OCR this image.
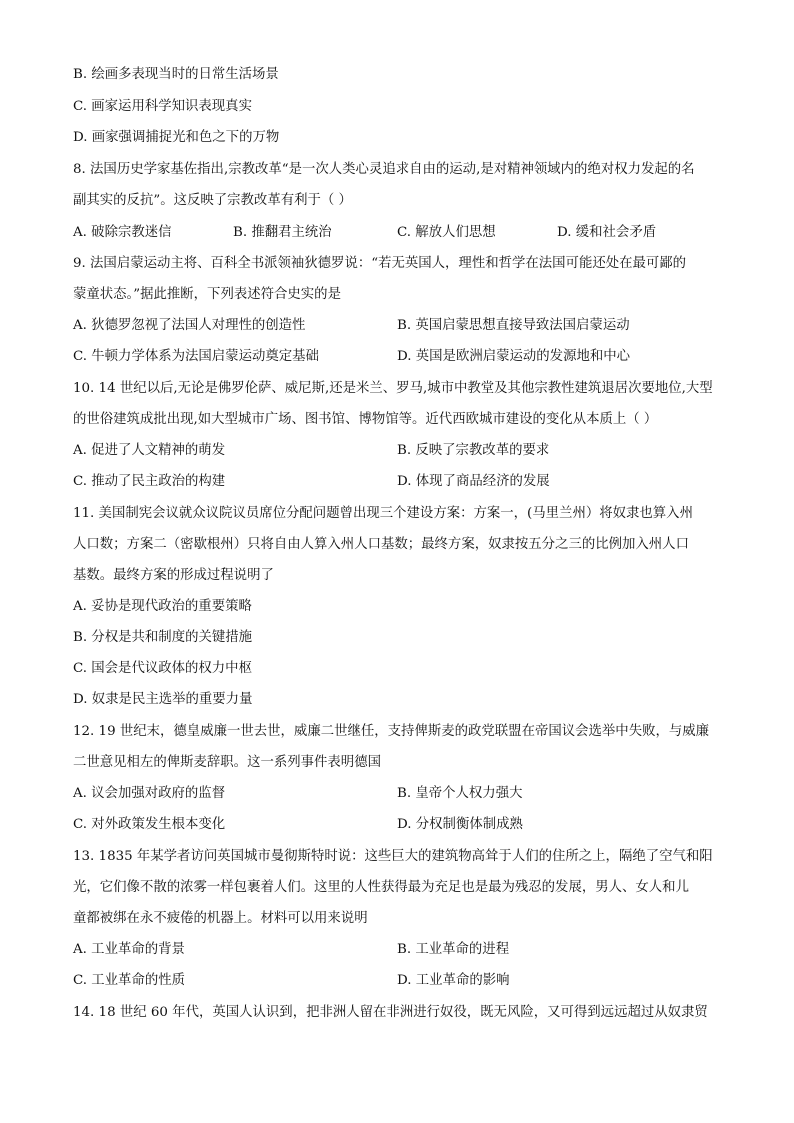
B. 绘画多表现当时的日常生活场景
C. 画家运用科学知识表现真实
D. 画家强调捕捉光和色之下的万物
8. 法国历史学家基佐指出,宗教改革“是一次人类心灵追求自由的运动,是对精神领域内的绝对权力发起的名
副其实的反抗”。这反映了宗教改革有利于（ ）
A. 破除宗教迷信	B. 推翻君主统治	C. 解放人们思想	D. 缓和社会矛盾
9. 法国启蒙运动主将、百科全书派领袖狄德罗说：“若无英国人，理性和哲学在法国可能还处在最可鄙的
蒙童状态。”据此推断，下列表述符合史实的是
A. 狄德罗忽视了法国人对理性的创造性	B. 英国启蒙思想直接导致法国启蒙运动
C. 牛顿力学体系为法国启蒙运动奠定基础	D. 英国是欧洲启蒙运动的发源地和中心
10. 14 世纪以后,无论是佛罗伦萨、威尼斯,还是米兰、罗马,城市中教堂及其他宗教性建筑退居次要地位,大型
的世俗建筑成批出现,如大型城市广场、图书馆、博物馆等。近代西欧城市建设的变化从本质上（ ）
A. 促进了人文精神的萌发	B. 反映了宗教改革的要求
C. 推动了民主政治的构建	D. 体现了商品经济的发展
11. 美国制宪会议就众议院议员席位分配问题曾出现三个建设方案：方案一，(马里兰州）将奴隶也算入州
人口数；方案二（密歇根州）只将自由人算入州人口基数；最终方案，奴隶按五分之三的比例加入州人口
基数。最终方案的形成过程说明了
A. 妥协是现代政治的重要策略
B. 分权是共和制度的关键措施
C. 国会是代议政体的权力中枢
D. 奴隶是民主选举的重要力量
12. 19 世纪末，德皇威廉一世去世，威廉二世继任，支持俾斯麦的政党联盟在帝国议会选举中失败，与威廉
二世意见相左的俾斯麦辞职。这一系列事件表明德国
A. 议会加强对政府的监督	B. 皇帝个人权力强大
C. 对外政策发生根本变化	D. 分权制衡体制成熟
13. 1835 年某学者访问英国城市曼彻斯特时说：这些巨大的建筑物高耸于人们的住所之上，隔绝了空气和阳
光，它们像不散的浓雾一样包裹着人们。这里的人性获得最为充足也是最为残忍的发展，男人、女人和儿
童都被绑在永不疲倦的机器上。材料可以用来说明
A. 工业革命的背景	B. 工业革命的进程
C. 工业革命的性质	D. 工业革命的影响
14. 18 世纪 60 年代，英国人认识到，把非洲人留在非洲进行奴役，既无风险，又可得到远远超过从奴隶贸
